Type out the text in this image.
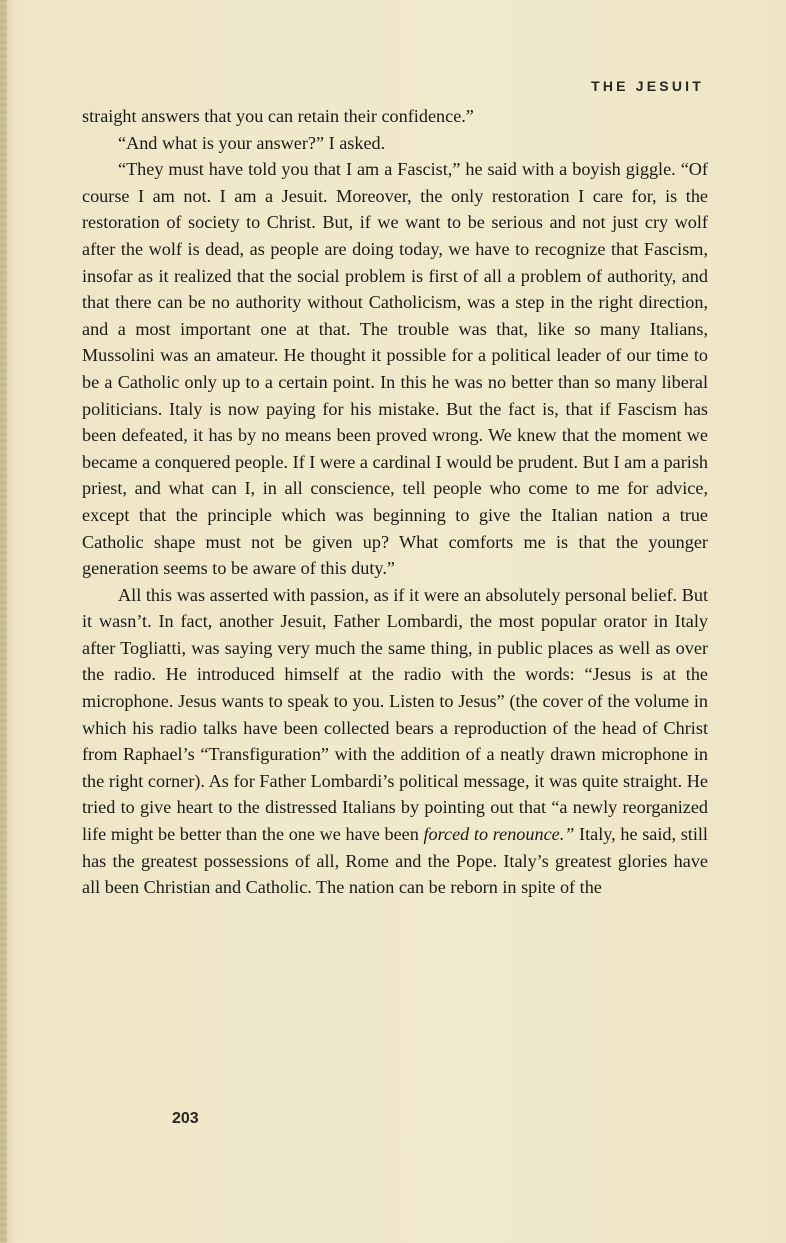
THE JESUIT

straight answers that you can retain their confidence.”

“And what is your answer?” I asked.

“They must have told you that I am a Fascist,” he said with a boyish giggle. “Of course I am not. I am a Jesuit. Moreover, the only restoration I care for, is the restoration of society to Christ. But, if we want to be serious and not just cry wolf after the wolf is dead, as people are doing today, we have to recognize that Fascism, insofar as it realized that the social problem is first of all a problem of authority, and that there can be no authority without Catholicism, was a step in the right direction, and a most important one at that. The trouble was that, like so many Italians, Mussolini was an amateur. He thought it possible for a political leader of our time to be a Catholic only up to a certain point. In this he was no better than so many liberal politicians. Italy is now paying for his mistake. But the fact is, that if Fascism has been defeated, it has by no means been proved wrong. We knew that the moment we became a conquered people. If I were a cardinal I would be prudent. But I am a parish priest, and what can I, in all conscience, tell people who come to me for advice, except that the principle which was beginning to give the Italian nation a true Catholic shape must not be given up? What comforts me is that the younger generation seems to be aware of this duty.”

All this was asserted with passion, as if it were an absolutely personal belief. But it wasn’t. In fact, another Jesuit, Father Lombardi, the most popular orator in Italy after Togliatti, was saying very much the same thing, in public places as well as over the radio. He introduced himself at the radio with the words: “Jesus is at the microphone. Jesus wants to speak to you. Listen to Jesus” (the cover of the volume in which his radio talks have been collected bears a reproduction of the head of Christ from Raphael’s “Transfiguration” with the addition of a neatly drawn microphone in the right corner). As for Father Lombardi’s political message, it was quite straight. He tried to give heart to the distressed Italians by pointing out that “a newly reorganized life might be better than the one we have been forced to renounce.” Italy, he said, still has the greatest possessions of all, Rome and the Pope. Italy’s greatest glories have all been Christian and Catholic. The nation can be reborn in spite of the

203
